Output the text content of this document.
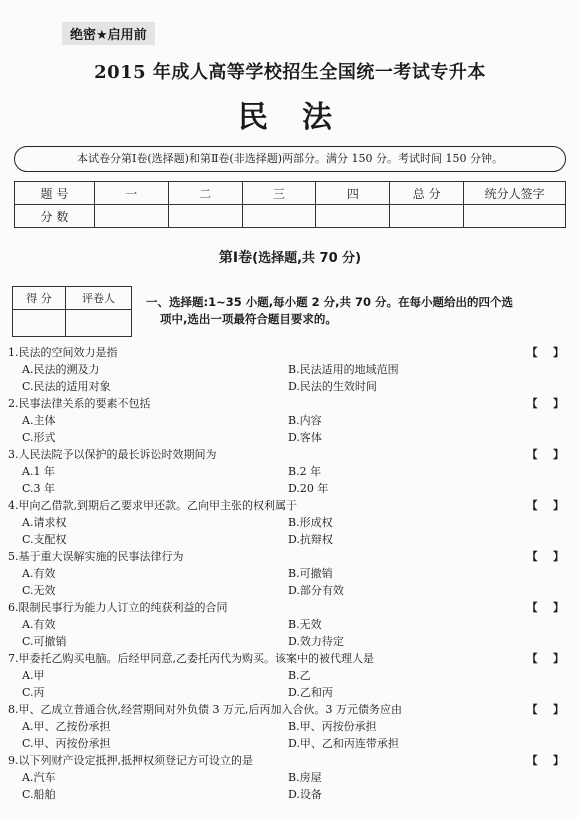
绝密★启用前
2015 年成人高等学校招生全国统一考试专升本
民法
本试卷分第Ⅰ卷(选择题)和第Ⅱ卷(非选择题)两部分。满分 150 分。考试时间 150 分钟。
题 号	一	二	三	四	总 分	统分人签字
分 数						
第Ⅰ卷(选择题,共 70 分)
得 分	评卷人
		一、选择题:1~35 小题,每小题 2 分,共 70 分。在每小题给出的四个选
项中,选出一项最符合题目要求的。
1.民法的空间效力是指	【    】
A.民法的溯及力	B.民法适用的地域范围
C.民法的适用对象	D.民法的生效时间
2.民事法律关系的要素不包括	【    】
A.主体	B.内容
C.形式	D.客体
3.人民法院予以保护的最长诉讼时效期间为	【    】
A.1 年	B.2 年
C.3 年	D.20 年
4.甲向乙借款,到期后乙要求甲还款。乙向甲主张的权利属于	【    】
A.请求权	B.形成权
C.支配权	D.抗辩权
5.基于重大误解实施的民事法律行为	【    】
A.有效	B.可撤销
C.无效	D.部分有效
6.限制民事行为能力人订立的纯获利益的合同	【    】
A.有效	B.无效
C.可撤销	D.效力待定
7.甲委托乙购买电脑。后经甲同意,乙委托丙代为购买。该案中的被代理人是	【    】
A.甲	B.乙
C.丙	D.乙和丙
8.甲、乙成立普通合伙,经营期间对外负债 3 万元,后丙加入合伙。3 万元债务应由	【    】
A.甲、乙按份承担	B.甲、丙按份承担
C.甲、丙按份承担	D.甲、乙和丙连带承担
9.以下列财产设定抵押,抵押权须登记方可设立的是	【    】
A.汽车	B.房屋
C.船舶	D.设备
